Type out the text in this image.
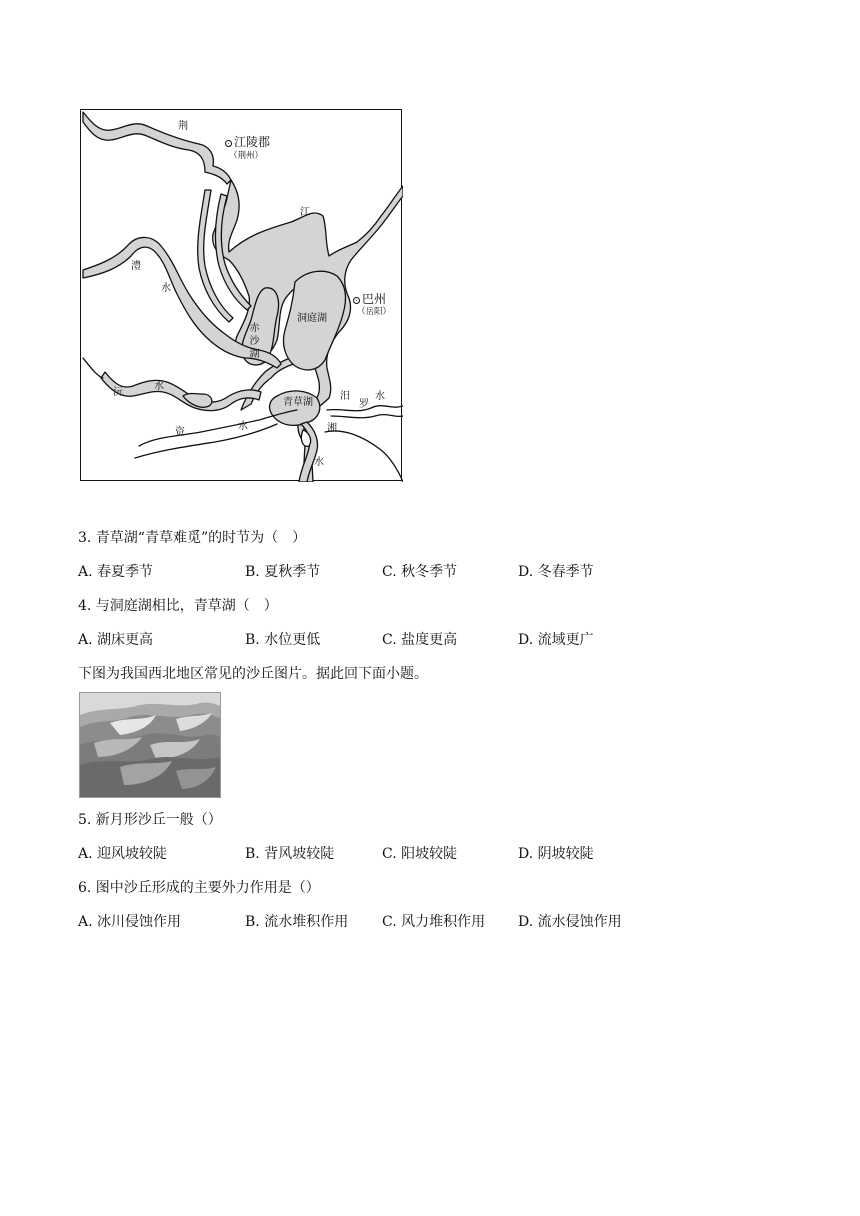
江陵郡
（荆州）
巴州
（岳阳）
荆
江
澧
水
赤沙湖
洞庭湖
沅
水
青草湖
汨
罗
水
湘
水
资
水
3. 青草湖“青草难觅”的时节为（　）
A. 春夏季节	B. 夏秋季节	C. 秋冬季节	D. 冬春季节
4. 与洞庭湖相比，青草湖（　）
A. 湖床更高	B. 水位更低	C. 盐度更高	D. 流域更广
下图为我国西北地区常见的沙丘图片。据此回下面小题。
5. 新月形沙丘一般（）
A. 迎风坡较陡	B. 背风坡较陡	C. 阳坡较陡	D. 阴坡较陡
6. 图中沙丘形成的主要外力作用是（）
A. 冰川侵蚀作用	B. 流水堆积作用 C. 风力堆积作用 D. 流水侵蚀作用
